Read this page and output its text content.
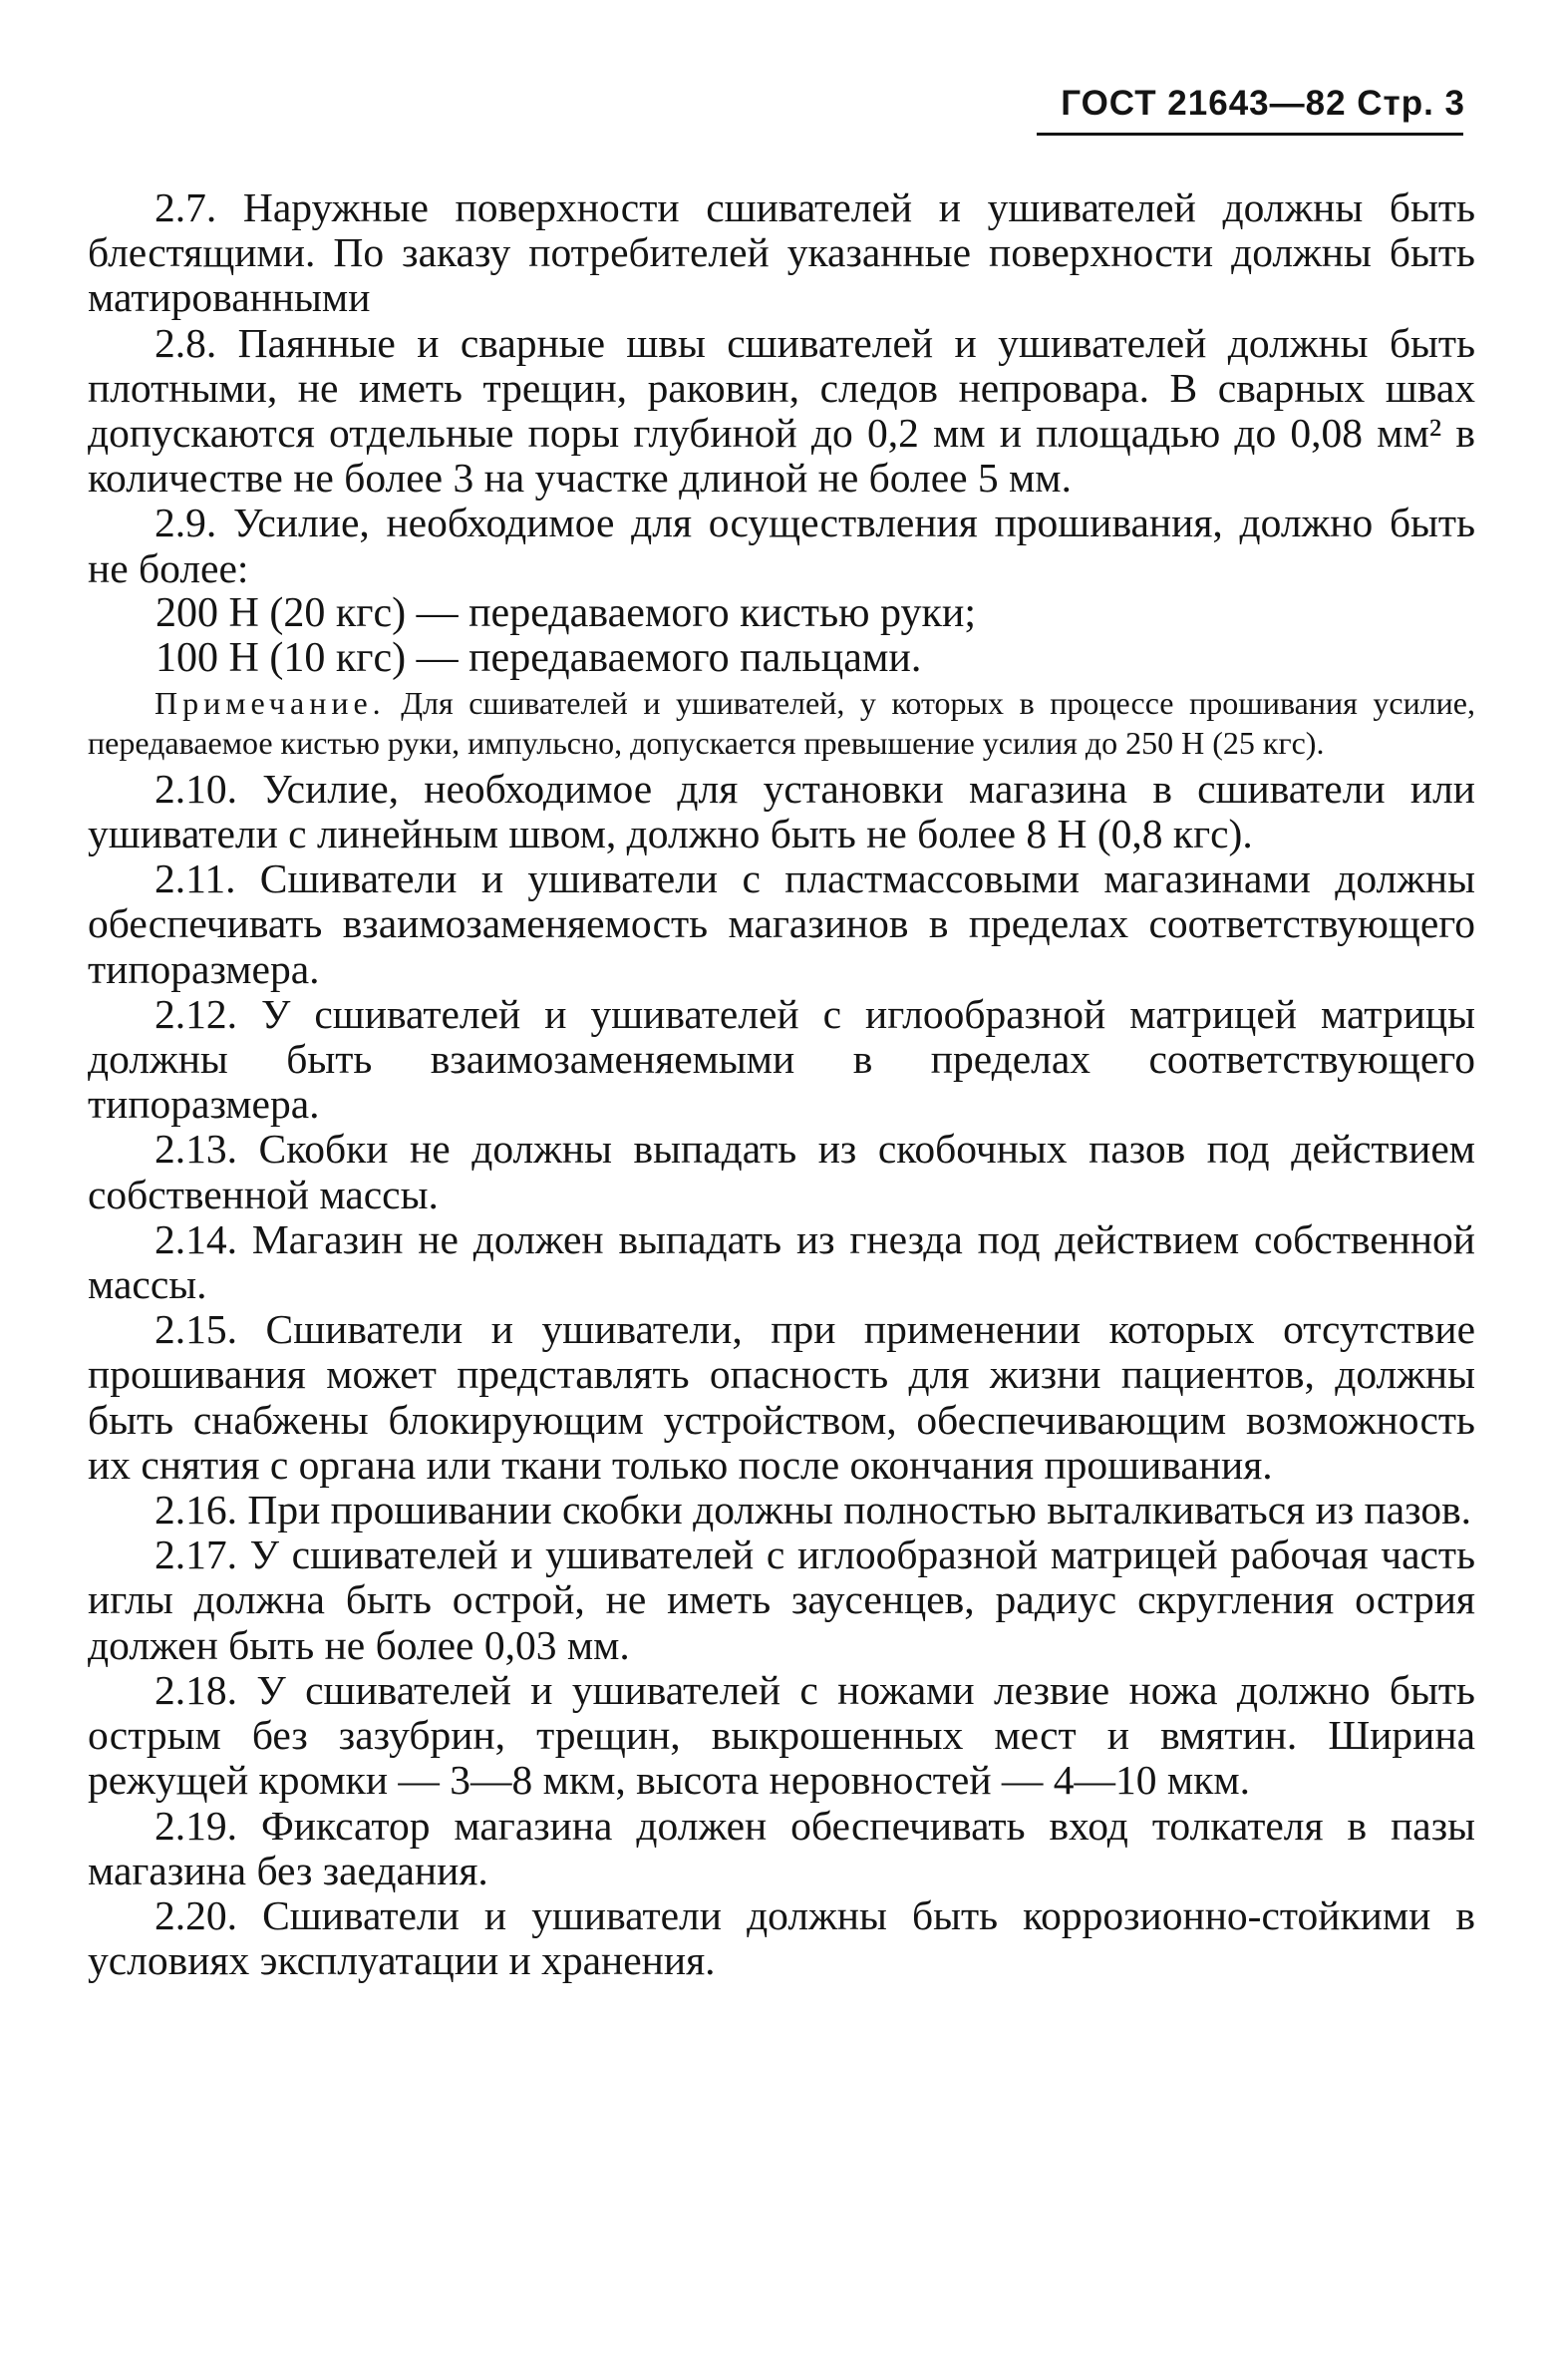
ГОСТ 21643—82 Стр. 3

2.7. Наружные поверхности сшивателей и ушивателей должны быть блестящими. По заказу потребителей указанные поверхности должны быть матированными

2.8. Паянные и сварные швы сшивателей и ушивателей должны быть плотными, не иметь трещин, раковин, следов непровара. В сварных швах допускаются отдельные поры глубиной до 0,2 мм и площадью до 0,08 мм² в количестве не более 3 на участке длиной не более 5 мм.

2.9. Усилие, необходимое для осуществления прошивания, должно быть не более:

200 Н (20 кгс) — передаваемого кистью руки;

100 Н (10 кгс) — передаваемого пальцами.

Примечание. Для сшивателей и ушивателей, у которых в процессе прошивания усилие, передаваемое кистью руки, импульсно, допускается превышение усилия до 250 Н (25 кгс).

2.10. Усилие, необходимое для установки магазина в сшиватели или ушиватели с линейным швом, должно быть не более 8 Н (0,8 кгс).

2.11. Сшиватели и ушиватели с пластмассовыми магазинами должны обеспечивать взаимозаменяемость магазинов в пределах соответствующего типоразмера.

2.12. У сшивателей и ушивателей с иглообразной матрицей матрицы должны быть взаимозаменяемыми в пределах соответствующего типоразмера.

2.13. Скобки не должны выпадать из скобочных пазов под действием собственной массы.

2.14. Магазин не должен выпадать из гнезда под действием собственной массы.

2.15. Сшиватели и ушиватели, при применении которых отсутствие прошивания может представлять опасность для жизни пациентов, должны быть снабжены блокирующим устройством, обеспечивающим возможность их снятия с органа или ткани только после окончания прошивания.

2.16. При прошивании скобки должны полностью выталкиваться из пазов.

2.17. У сшивателей и ушивателей с иглообразной матрицей рабочая часть иглы должна быть острой, не иметь заусенцев, радиус скругления острия должен быть не более 0,03 мм.

2.18. У сшивателей и ушивателей с ножами лезвие ножа должно быть острым без зазубрин, трещин, выкрошенных мест и вмятин. Ширина режущей кромки — 3—8 мкм, высота неровностей — 4—10 мкм.

2.19. Фиксатор магазина должен обеспечивать вход толкателя в пазы магазина без заедания.

2.20. Сшиватели и ушиватели должны быть коррозионно-стойкими в условиях эксплуатации и хранения.
